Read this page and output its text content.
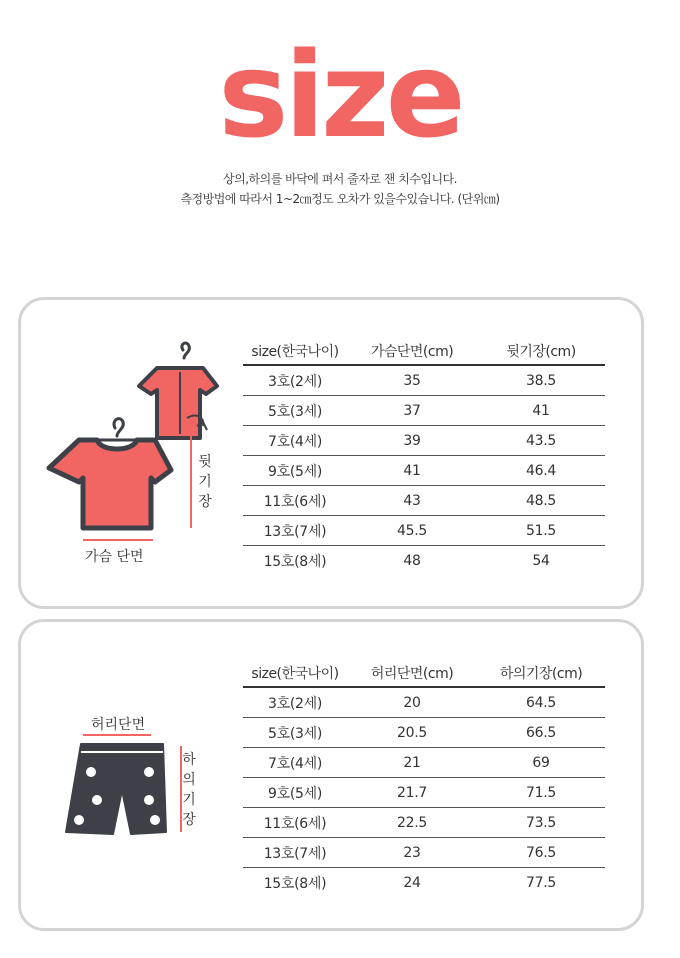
size
상의,하의를 바닥에 펴서 줄자로 잰 치수입니다.
측정방법에 따라서 1~2㎝정도 오차가 있을수있습니다. (단위㎝)
가슴 단면
뒷
기
장
size(한국나이)	가슴단면(cm)	뒷기장(cm)
3호(2세)	35	38.5
5호(3세)	37	41
7호(4세)	39	43.5
9호(5세)	41	46.4
11호(6세)	43	48.5
13호(7세)	45.5	51.5
15호(8세)	48	54
허리단면
하
의
기
장
size(한국나이)	허리단면(cm)	하의기장(cm)
3호(2세)	20	64.5
5호(3세)	20.5	66.5
7호(4세)	21	69
9호(5세)	21.7	71.5
11호(6세)	22.5	73.5
13호(7세)	23	76.5
15호(8세)	24	77.5
